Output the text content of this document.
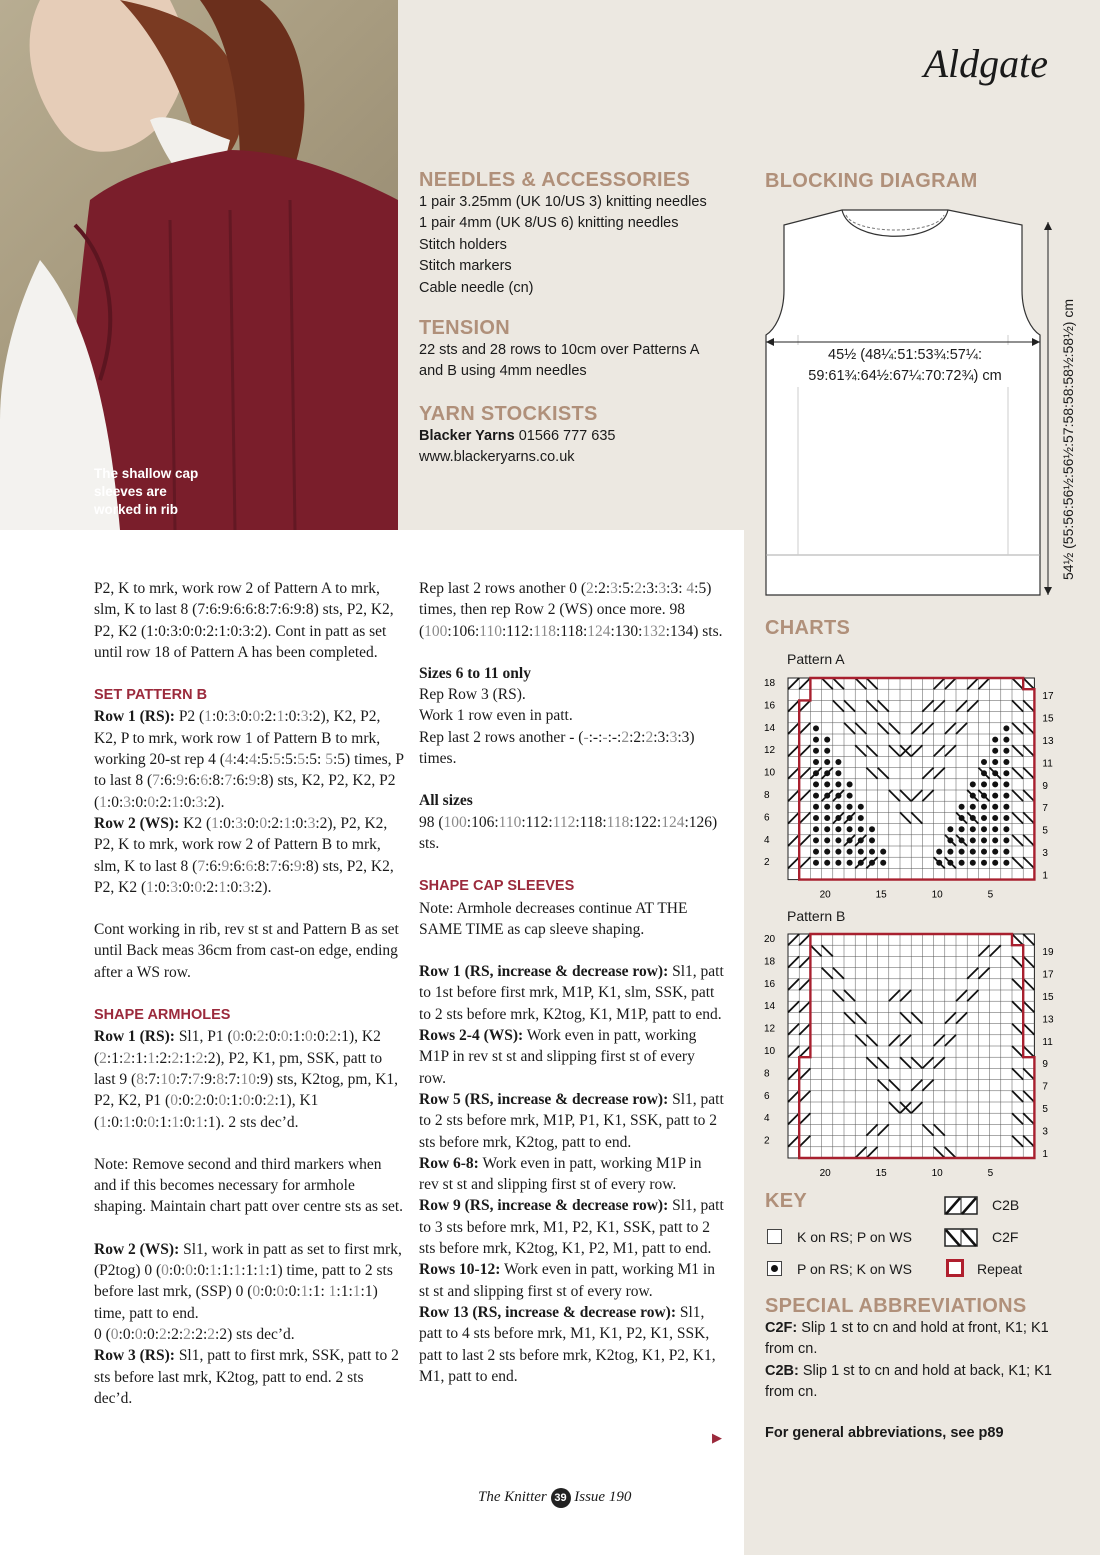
The shallow cap sleeves are worked in rib
Aldgate
NEEDLES & ACCESSORIES
1 pair 3.25mm (UK 10/US 3) knitting needles
1 pair 4mm (UK 8/US 6) knitting needles
Stitch holders
Stitch markers
Cable needle (cn)
TENSION
22 sts and 28 rows to 10cm over Patterns A
and B using 4mm needles
YARN STOCKISTS
Blacker Yarns 01566 777 635
www.blackeryarns.co.uk
BLOCKING DIAGRAM
45½ (48¼:51:53¾:57¼:
59:61¾:64½:67¼:70:72¾) cm	54½ (55:56:56½:56½:57:58:58:58½:58½) cm
CHARTS
Pattern A
18
16
14
12
10
8
6
4
2
17
15
13
11
9
7
5
3
1
20	15	10	5
Pattern B
20
18
16
14
12
10
8
6
4
2
19
17
15
13
11
9
7
5
3
1
20	15	10	5
KEY
K on RS; P on WS
P on RS; K on WS
C2B
C2F
Repeat
SPECIAL ABBREVIATIONS
C2F: Slip 1 st to cn and hold at front, K1; K1 from cn.
C2B: Slip 1 st to cn and hold at back, K1; K1 from cn.
For general abbreviations, see p89

P2, K to mrk, work row 2 of Pattern A to mrk, slm, K to last 8 (7:6:9:6:6:8:7:6:9:8) sts, P2, K2, P2, K2 (1:0:3:0:0:2:1:0:3:2). Cont in patt as set until row 18 of Pattern A has been completed.

SET PATTERN B
Row 1 (RS): P2 (1:0:3:0:0:2:1:0:3:2), K2, P2, K2, P to mrk, work row 1 of Pattern B to mrk, working 20-st rep 4 (4:4:4:5:5:5:5:5: 5:5) times, P to last 8 (7:6:9:6:6:8:7:6:9:8) sts, K2, P2, K2, P2 (1:0:3:0:0:2:1:0:3:2).
Row 2 (WS): K2 (1:0:3:0:0:2:1:0:3:2), P2, K2, P2, K to mrk, work row 2 of Pattern B to mrk, slm, K to last 8 (7:6:9:6:6:8:7:6:9:8) sts, P2, K2, P2, K2 (1:0:3:0:0:2:1:0:3:2).

Cont working in rib, rev st st and Pattern B as set until Back meas 36cm from cast-on edge, ending after a WS row.

SHAPE ARMHOLES
Row 1 (RS): Sl1, P1 (0:0:2:0:0:1:0:0:2:1), K2 (2:1:2:1:1:2:2:1:2:2), P2, K1, pm, SSK, patt to last 9 (8:7:10:7:7:9:8:7:10:9) sts, K2tog, pm, K1, P2, K2, P1 (0:0:2:0:0:1:0:0:2:1), K1 (1:0:1:0:0:1:1:0:1:1). 2 sts dec’d.

Note: Remove second and third markers when and if this becomes necessary for armhole shaping. Maintain chart patt over centre sts as set.

Row 2 (WS): Sl1, work in patt as set to first mrk, (P2tog) 0 (0:0:0:0:1:1:1:1:1:1) time, patt to 2 sts before last mrk, (SSP) 0 (0:0:0:0:1:1: 1:1:1:1) time, patt to end.
0 (0:0:0:0:2:2:2:2:2:2) sts dec’d.
Row 3 (RS): Sl1, patt to first mrk, SSK, patt to 2 sts before last mrk, K2tog, patt to end. 2 sts dec’d.

Rep last 2 rows another 0 (2:2:3:5:2:3:3:3: 4:5) times, then rep Row 2 (WS) once more. 98 (100:106:110:112:118:118:124:130:132:134) sts.

Sizes 6 to 11 only
Rep Row 3 (RS).
Work 1 row even in patt.
Rep last 2 rows another - (-:-:-:-:2:2:2:3:3:3) times.

All sizes
98 (100:106:110:112:112:118:118:122:124:126) sts.

SHAPE CAP SLEEVES
Note: Armhole decreases continue AT THE SAME TIME as cap sleeve shaping.

Row 1 (RS, increase & decrease row): Sl1, patt to 1st before first mrk, M1P, K1, slm, SSK, patt to 2 sts before mrk, K2tog, K1, M1P, patt to end.
Rows 2-4 (WS): Work even in patt, working M1P in rev st st and slipping first st of every row.
Row 5 (RS, increase & decrease row): Sl1, patt to 2 sts before mrk, M1P, P1, K1, SSK, patt to 2 sts before mrk, K2tog, patt to end.
Row 6-8: Work even in patt, working M1P in rev st st and slipping first st of every row.
Row 9 (RS, increase & decrease row): Sl1, patt to 3 sts before mrk, M1, P2, K1, SSK, patt to 2 sts before mrk, K2tog, K1, P2, M1, patt to end.
Rows 10-12: Work even in patt, working M1 in st st and slipping first st of every row.
Row 13 (RS, increase & decrease row): Sl1, patt to 4 sts before mrk, M1, K1, P2, K1, SSK, patt to last 2 sts before mrk, K2tog, K1, P2, K1, M1, patt to end.

▶
The Knitter 39 Issue 190
